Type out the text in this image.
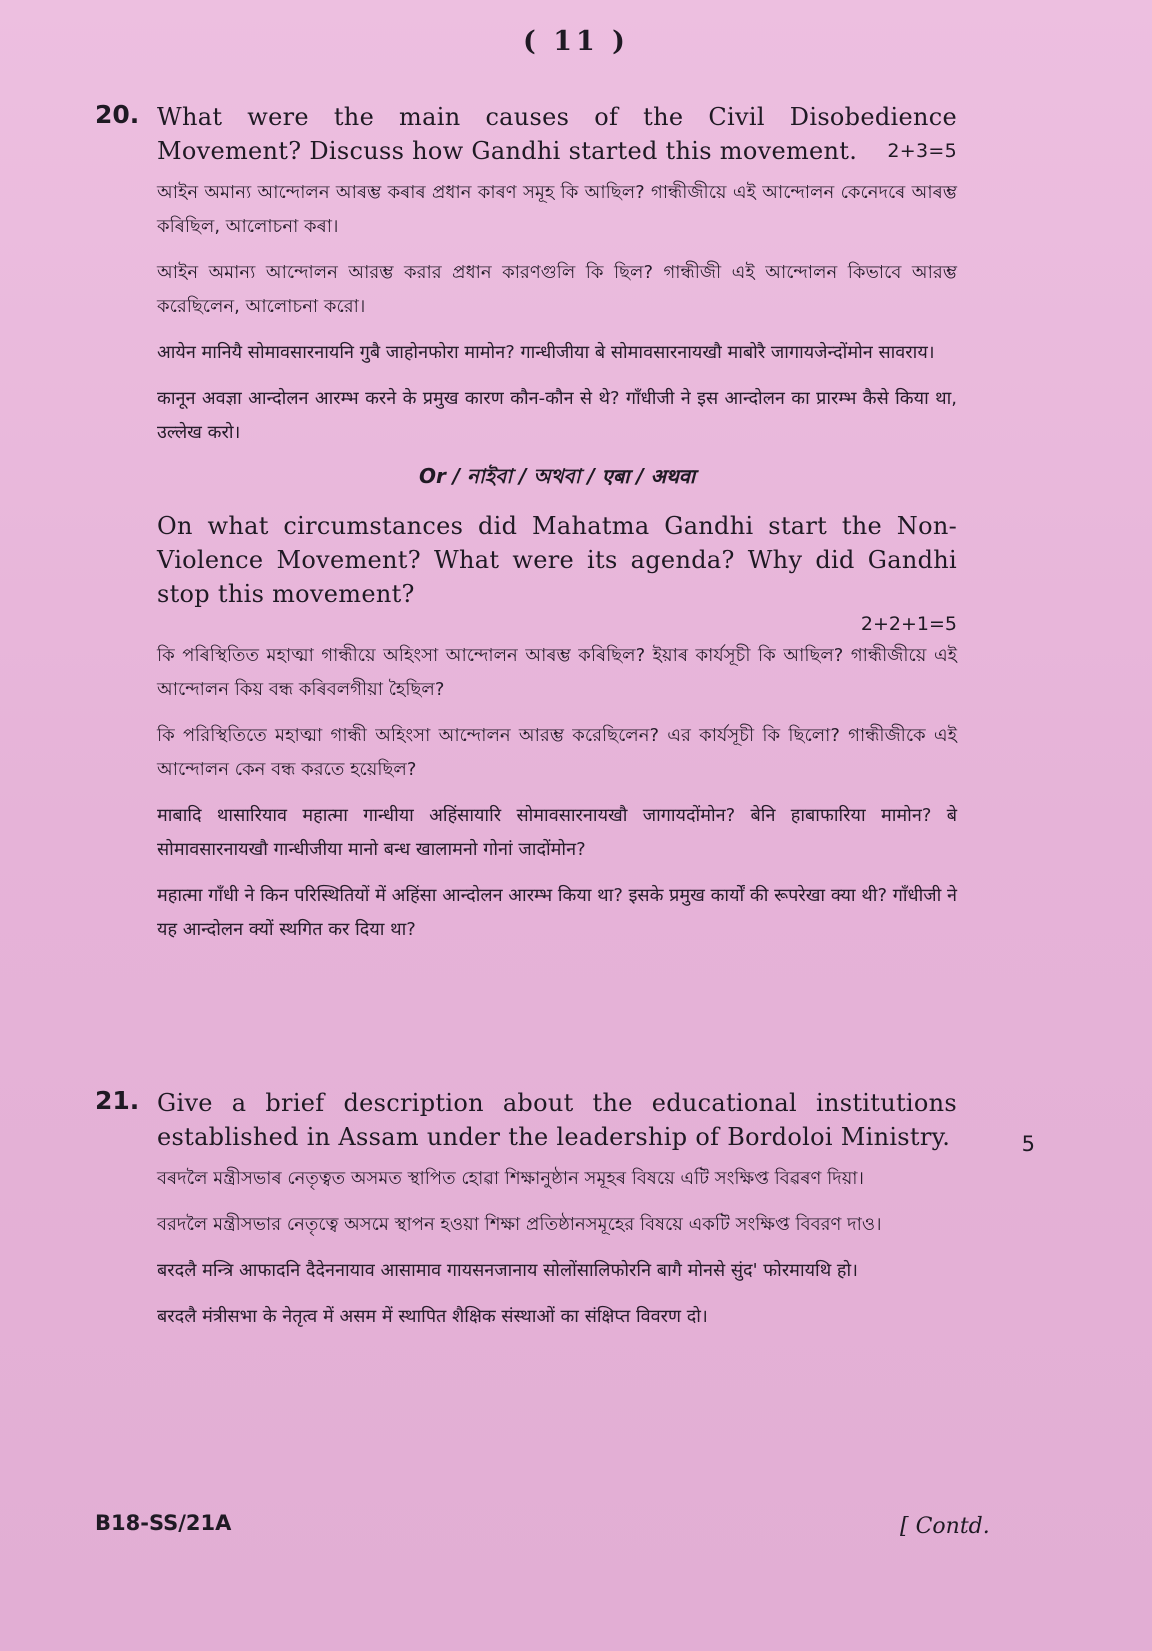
( 11 )
20. What were the main causes of the Civil Disobedience Movement? Discuss how Gandhi started this movement. 2+3=5

আইন অমান্য আন্দোলন আৰম্ভ কৰাৰ প্ৰধান কাৰণ সমূহ কি আছিল? গান্ধীজীয়ে এই আন্দোলন কেনেদৰে আৰম্ভ কৰিছিল, আলোচনা কৰা।

আইন অমান্য আন্দোলন আরম্ভ করার প্রধান কারণগুলি কি ছিল? গান্ধীজী এই আন্দোলন কিভাবে আরম্ভ করেছিলেন, আলোচনা করো।

आयेन मानियै सोमावसारनायनि गुबै जाहोनफोरा मामोन? गान्धीजीया बे सोमावसारनायखौ माबोरै जागायजेन्दोंमोन सावराय।

कानून अवज्ञा आन्दोलन आरम्भ करने के प्रमुख कारण कौन-कौन से थे? गाँधीजी ने इस आन्दोलन का प्रारम्भ कैसे किया था, उल्लेख करो।

Or / নাইবা / অথবা / एबा / अथवा

On what circumstances did Mahatma Gandhi start the Non-Violence Movement? What were its agenda? Why did Gandhi stop this movement?

2+2+1=5

কি পৰিস্থিতিত মহাত্মা গান্ধীয়ে অহিংসা আন্দোলন আৰম্ভ কৰিছিল? ইয়াৰ কাৰ্যসূচী কি আছিল? গান্ধীজীয়ে এই আন্দোলন কিয় বন্ধ কৰিবলগীয়া হৈছিল?

কি পরিস্থিতিতে মহাত্মা গান্ধী অহিংসা আন্দোলন আরম্ভ করেছিলেন? এর কার্যসূচী কি ছিলো? গান্ধীজীকে এই আন্দোলন কেন বন্ধ করতে হয়েছিল?

माबादि थासारियाव महात्मा गान्धीया अहिंसायारि सोमावसारनायखौ जागायदोंमोन? बेनि हाबाफारिया मामोन? बे सोमावसारनायखौ गान्धीजीया मानो बन्ध खालामनो गोनां जादोंमोन?

महात्मा गाँधी ने किन परिस्थितियों में अहिंसा आन्दोलन आरम्भ किया था? इसके प्रमुख कार्यों की रूपरेखा क्या थी? गाँधीजी ने यह आन्दोलन क्यों स्थगित कर दिया था?

21. Give a brief description about the educational institutions established in Assam under the leadership of Bordoloi Ministry.	5

বৰদলৈ মন্ত্ৰীসভাৰ নেতৃত্বত অসমত স্থাপিত হোৱা শিক্ষানুষ্ঠান সমূহৰ বিষয়ে এটি সংক্ষিপ্ত বিৱৰণ দিয়া।

বরদলৈ মন্ত্রীসভার নেতৃত্বে অসমে স্থাপন হওয়া শিক্ষা প্রতিষ্ঠানসমূহের বিষয়ে একটি সংক্ষিপ্ত বিবরণ দাও।

बरदलै मन्त्रि आफादनि दैदेननायाव आसामाव गायसनजानाय सोलोंसालिफोरनि बागै मोनसे सुंद' फोरमायथि हो।

बरदलै मंत्रीसभा के नेतृत्व में असम में स्थापित शैक्षिक संस्थाओं का संक्षिप्त विवरण दो।

B18-SS/21A	[ Contd.
